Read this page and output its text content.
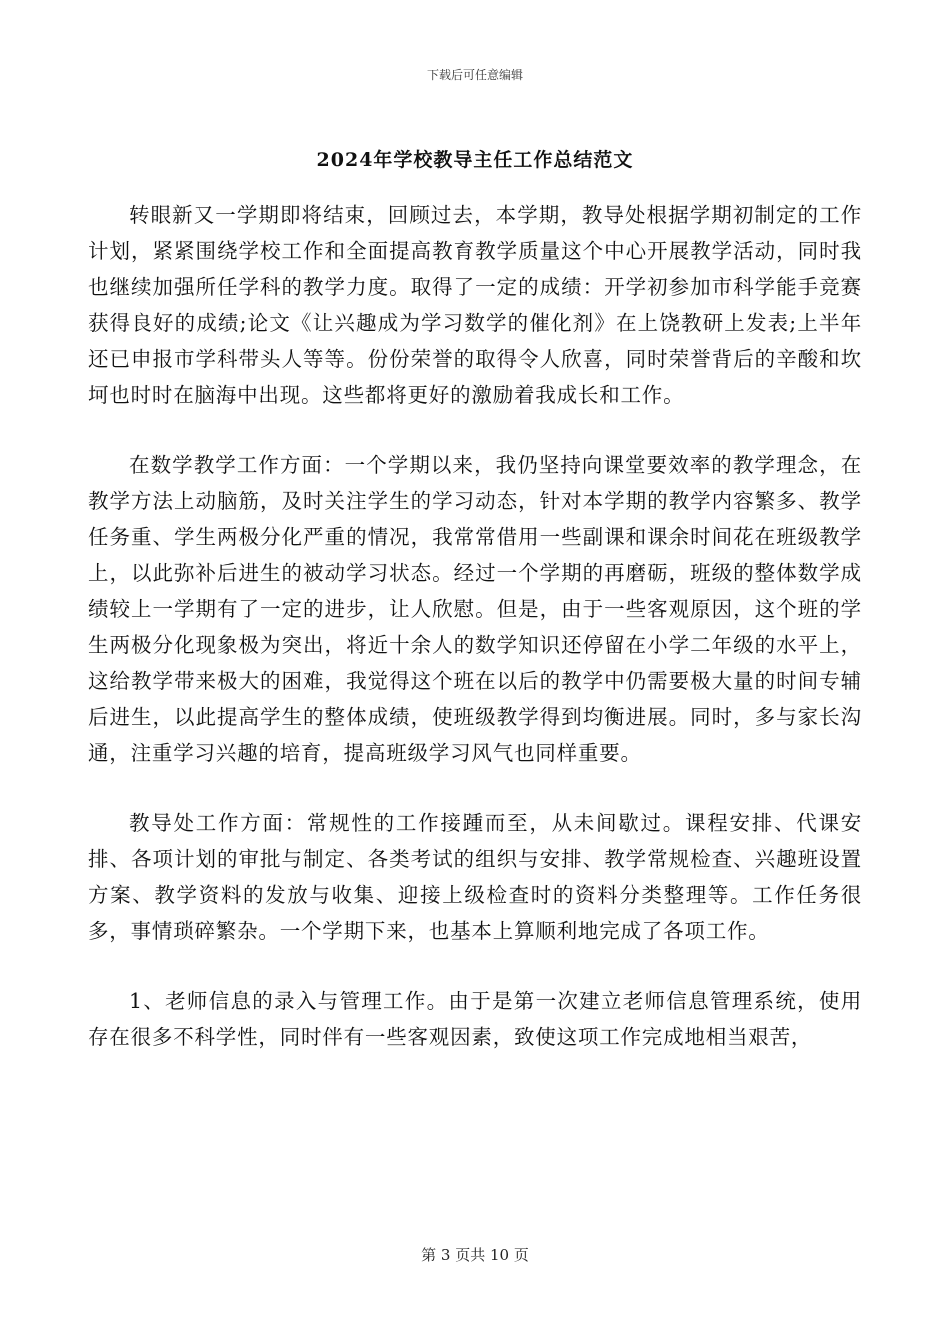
下载后可任意编辑
2024年学校教导主任工作总结范文

转眼新又一学期即将结束，回顾过去，本学期，教导处根据学期初制定的工作计划，紧紧围绕学校工作和全面提高教育教学质量这个中心开展教学活动，同时我也继续加强所任学科的教学力度。取得了一定的成绩：开学初参加市科学能手竞赛获得良好的成绩;论文《让兴趣成为学习数学的催化剂》在上饶教研上发表;上半年还已申报市学科带头人等等。份份荣誉的取得令人欣喜，同时荣誉背后的辛酸和坎坷也时时在脑海中出现。这些都将更好的激励着我成长和工作。

在数学教学工作方面：一个学期以来，我仍坚持向课堂要效率的教学理念，在教学方法上动脑筋，及时关注学生的学习动态，针对本学期的教学内容繁多、教学任务重、学生两极分化严重的情况，我常常借用一些副课和课余时间花在班级教学上，以此弥补后进生的被动学习状态。经过一个学期的再磨砺，班级的整体数学成绩较上一学期有了一定的进步，让人欣慰。但是，由于一些客观原因，这个班的学生两极分化现象极为突出，将近十余人的数学知识还停留在小学二年级的水平上，这给教学带来极大的困难，我觉得这个班在以后的教学中仍需要极大量的时间专辅后进生，以此提高学生的整体成绩，使班级教学得到均衡进展。同时，多与家长沟通，注重学习兴趣的培育，提高班级学习风气也同样重要。

教导处工作方面：常规性的工作接踵而至，从未间歇过。课程安排、代课安排、各项计划的审批与制定、各类考试的组织与安排、教学常规检查、兴趣班设置方案、教学资料的发放与收集、迎接上级检查时的资料分类整理等。工作任务很多，事情琐碎繁杂。一个学期下来，也基本上算顺利地完成了各项工作。

1、老师信息的录入与管理工作。由于是第一次建立老师信息管理系统，使用存在很多不科学性，同时伴有一些客观因素，致使这项工作完成地相当艰苦，

第 3 页共 10 页
